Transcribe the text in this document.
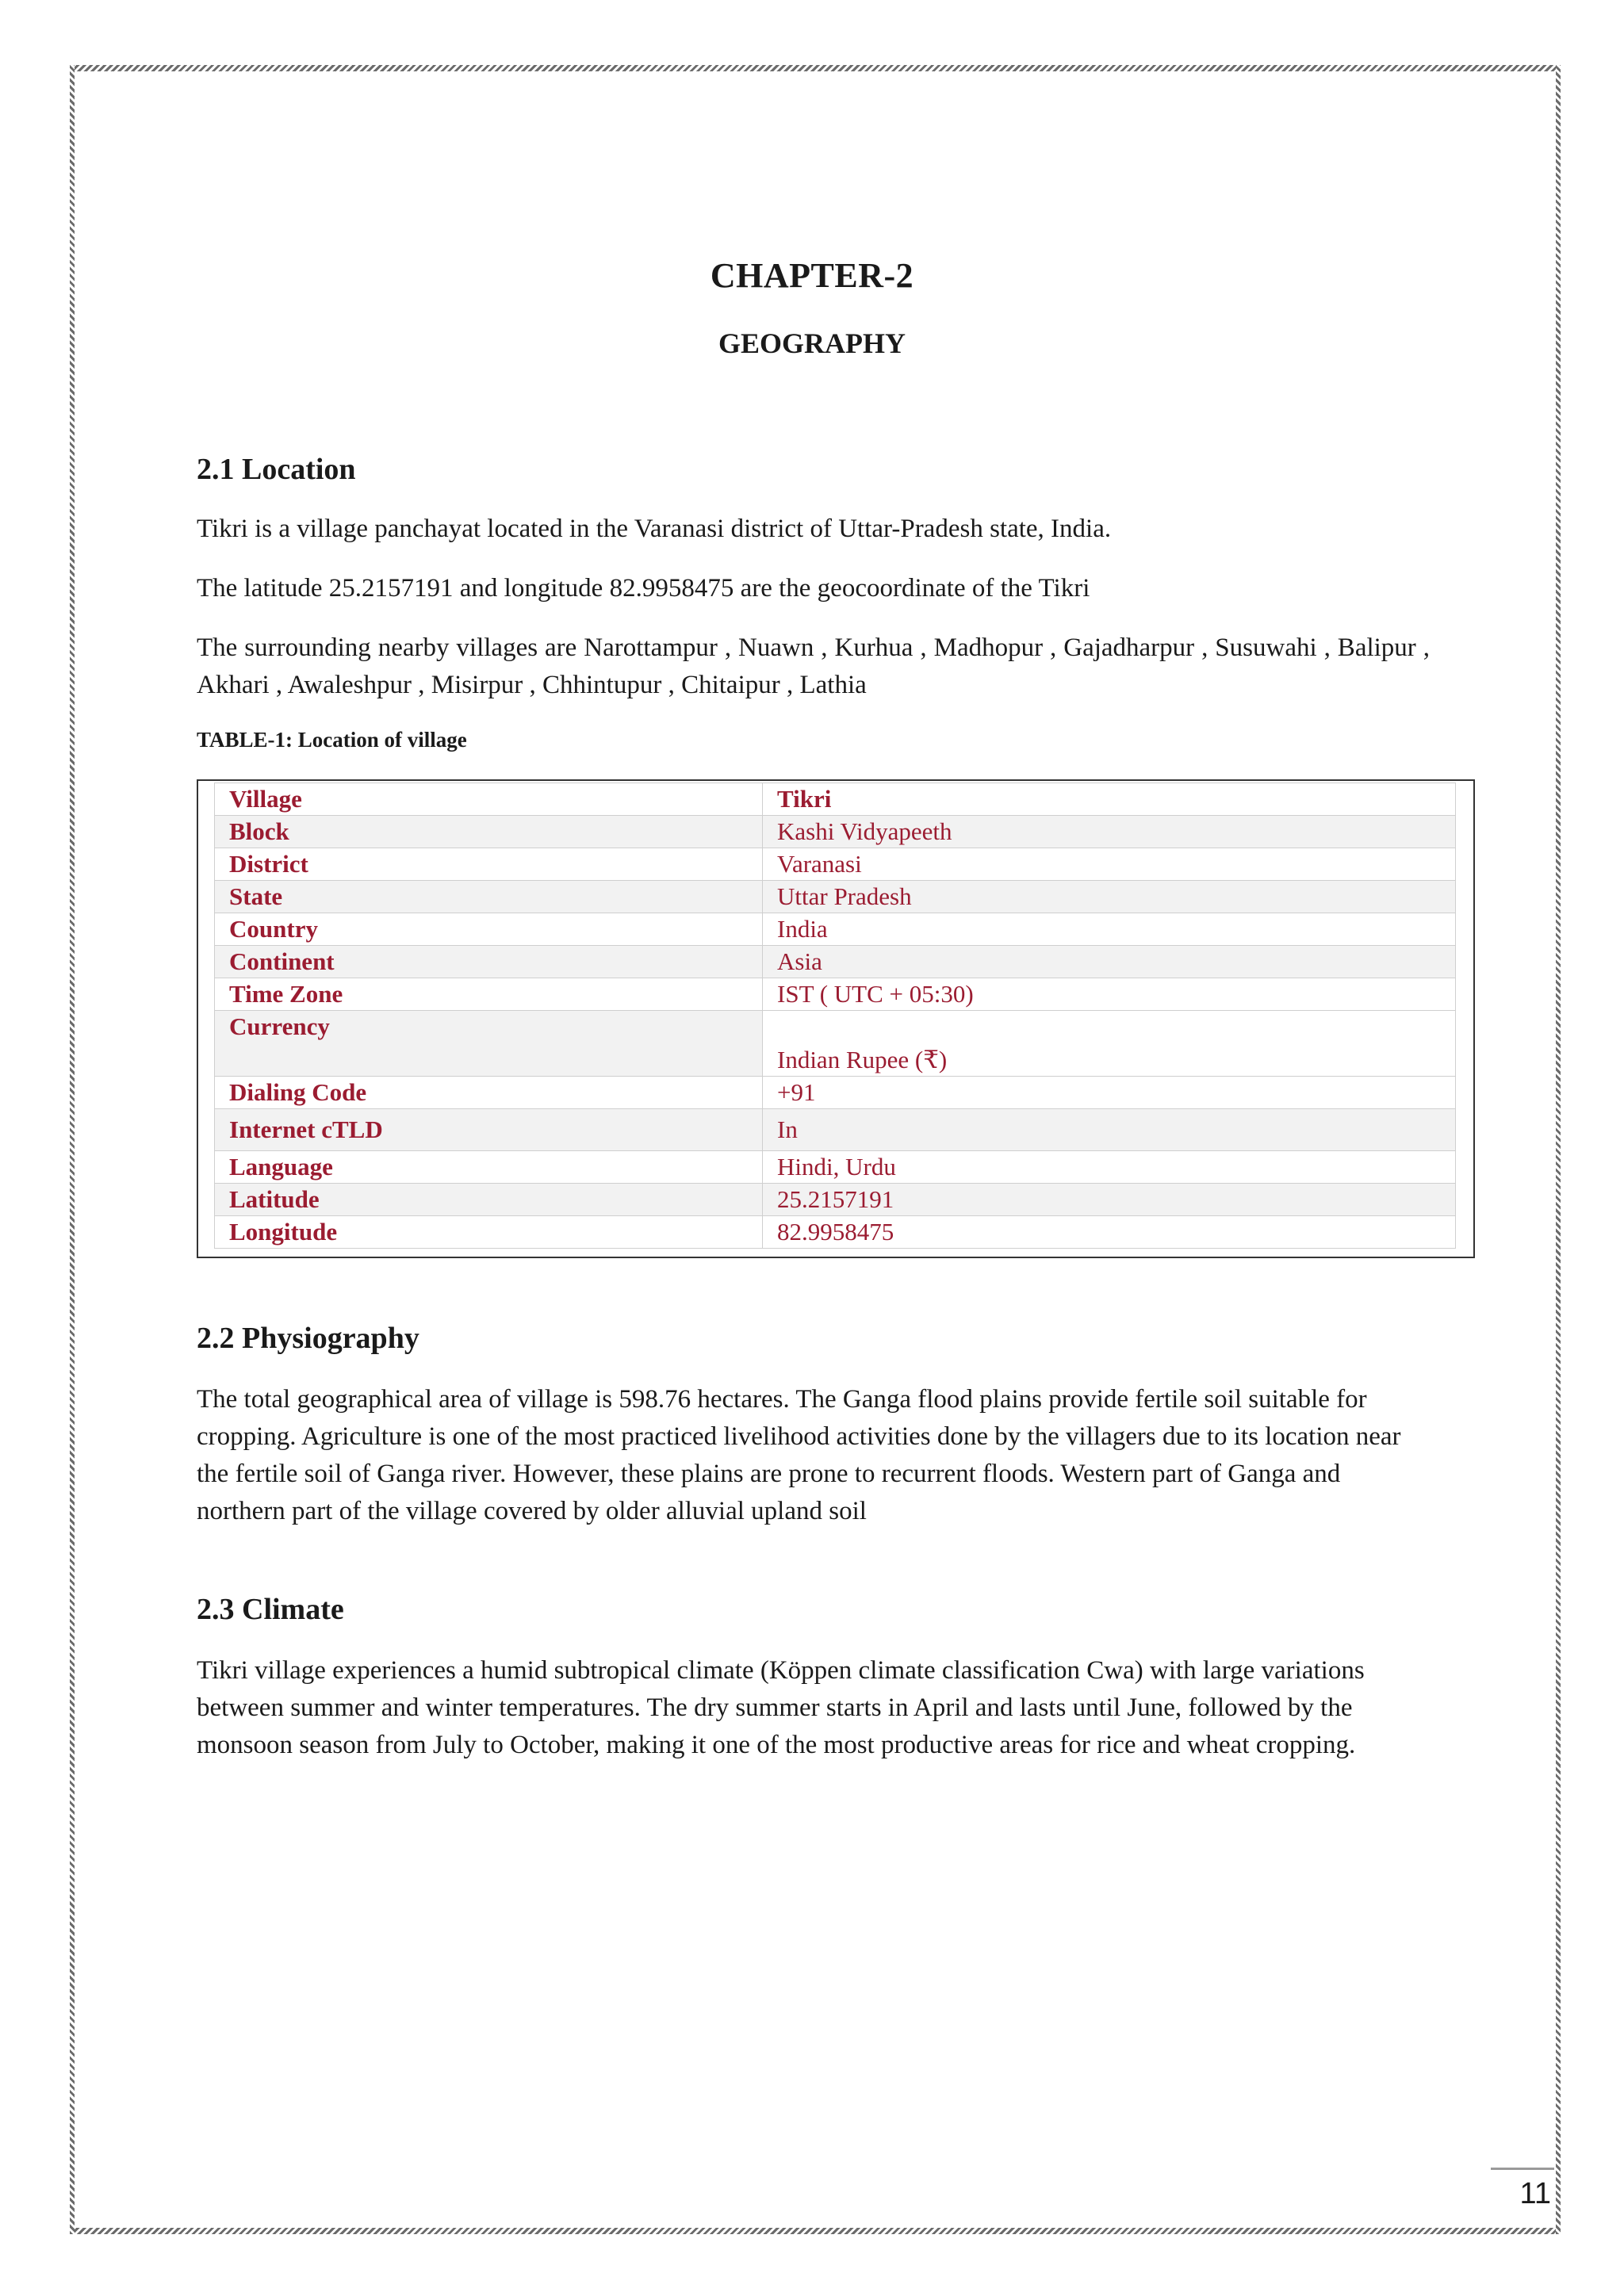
CHAPTER-2
GEOGRAPHY
2.1 Location

Tikri is a village panchayat located in the Varanasi district of Uttar-Pradesh state, India.

The latitude 25.2157191 and longitude 82.9958475 are the geocoordinate of the Tikri

The surrounding nearby villages are Narottampur , Nuawn , Kurhua , Madhopur , Gajadharpur , Susuwahi , Balipur , Akhari , Awaleshpur , Misirpur , Chhintupur , Chitaipur , Lathia

TABLE-1: Location of village
Village	Tikri
Block	Kashi Vidyapeeth
District	Varanasi
State	Uttar Pradesh
Country	India
Continent	Asia
Time Zone	IST ( UTC + 05:30)
Currency	Indian Rupee (₹)
Dialing Code	+91
Internet cTLD	In
Language	Hindi, Urdu
Latitude	25.2157191
Longitude	82.9958475
2.2 Physiography

The total geographical area of village is 598.76 hectares. The Ganga flood plains provide fertile soil suitable for cropping. Agriculture is one of the most practiced livelihood activities done by the villagers due to its location near the fertile soil of Ganga river. However, these plains are prone to recurrent floods. Western part of Ganga and northern part of the village covered by older alluvial upland soil

2.3 Climate

Tikri village experiences a humid subtropical climate (Köppen climate classification Cwa) with large variations between summer and winter temperatures. The dry summer starts in April and lasts until June, followed by the monsoon season from July to October, making it one of the most productive areas for rice and wheat cropping.

11
